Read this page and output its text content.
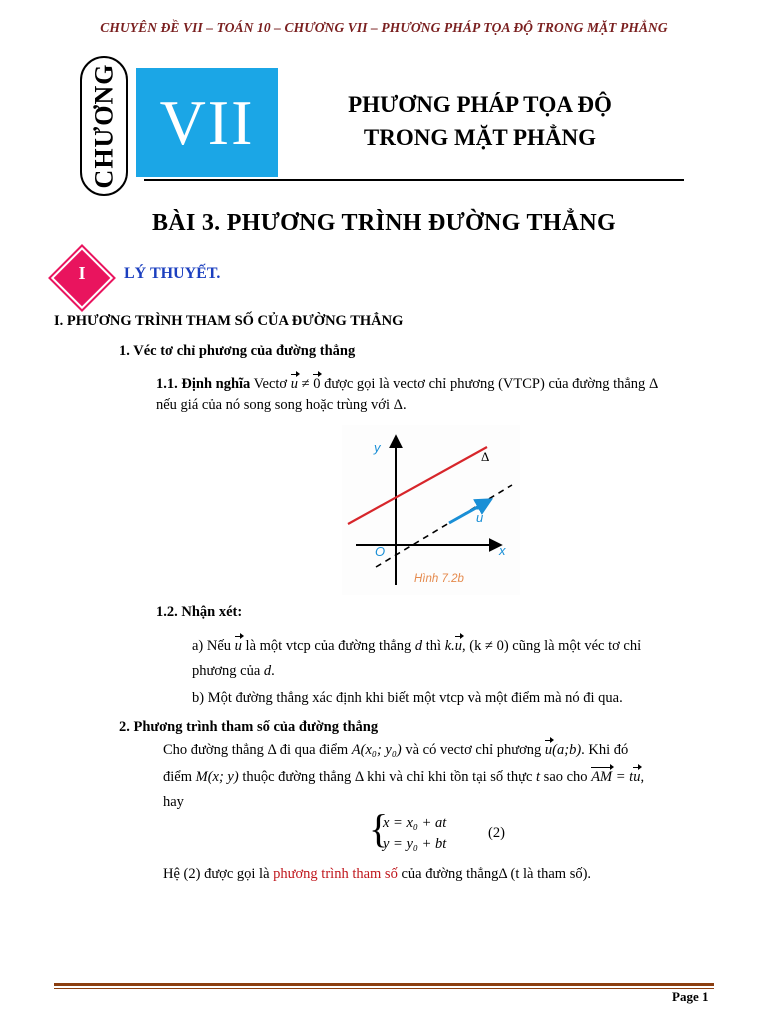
CHUYÊN ĐỀ VII – TOÁN 10 – CHƯƠNG VII – PHƯƠNG PHÁP TỌA ĐỘ TRONG MẶT PHẲNG
CHƯƠNG VII	PHƯƠNG PHÁP TỌA ĐỘ
TRONG MẶT PHẲNG
BÀI 3. PHƯƠNG TRÌNH ĐƯỜNG THẲNG
I	LÝ THUYẾT.
I. PHƯƠNG TRÌNH THAM SỐ CỦA ĐƯỜNG THẲNG
1. Véc tơ chỉ phương của đường thẳng
1.1. Định nghĩa Vectơ u ≠ 0 được gọi là vectơ chỉ phương (VTCP) của đường thẳng Δ
nếu giá của nó song song hoặc trùng với Δ.
y
x
O
Δ
u
Hình 7.2b
1.2. Nhận xét:
a) Nếu u là một vtcp của đường thẳng d thì k.u, (k ≠ 0) cũng là một véc tơ chỉ
phương của d.
b) Một đường thẳng xác định khi biết một vtcp và một điểm mà nó đi qua.
2. Phương trình tham số của đường thẳng
Cho đường thẳng Δ đi qua điểm A(x₀; y₀) và có vectơ chỉ phương u(a;b). Khi đó
điểm M(x; y) thuộc đường thẳng Δ khi và chỉ khi tồn tại số thực t sao cho AM = tu,
hay
{
x = x₀ + at
y = y₀ + bt
(2)
Hệ (2) được gọi là phương trình tham số của đường thẳngΔ (t là tham số).
Page 1
